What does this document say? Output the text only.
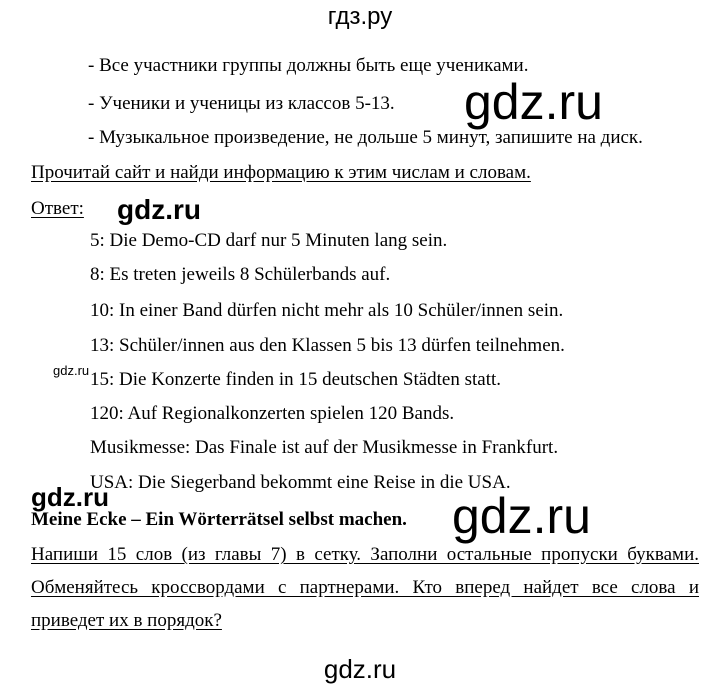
гдз.ру
- Все участники группы должны быть еще учениками.
- Ученики и ученицы из классов 5-13.
- Музыкальное произведение, не дольше 5 минут, запишите на диск.
gdz.ru
Прочитай сайт и найди информацию к этим числам и словам.
Ответ: gdz.ru
5: Die Demo-CD darf nur 5 Minuten lang sein.
8: Es treten jeweils 8 Schülerbands auf.
10: In einer Band dürfen nicht mehr als 10 Schüler/innen sein.
13: Schüler/innen aus den Klassen 5 bis 13 dürfen teilnehmen.
gdz.ru 15: Die Konzerte finden in 15 deutschen Städten statt.
120: Auf Regionalkonzerten spielen 120 Bands.
Musikmesse: Das Finale ist auf der Musikmesse in Frankfurt.
USA: Die Siegerband bekommt eine Reise in die USA.
gdz.ru
Meine Ecke – Ein Wörterrätsel selbst machen. gdz.ru
Напиши 15 слов (из главы 7) в сетку. Заполни остальные пропуски буквами.
Обменяйтесь кроссвордами с партнерами. Кто вперед найдет все слова и
приведет их в порядок?
gdz.ru
